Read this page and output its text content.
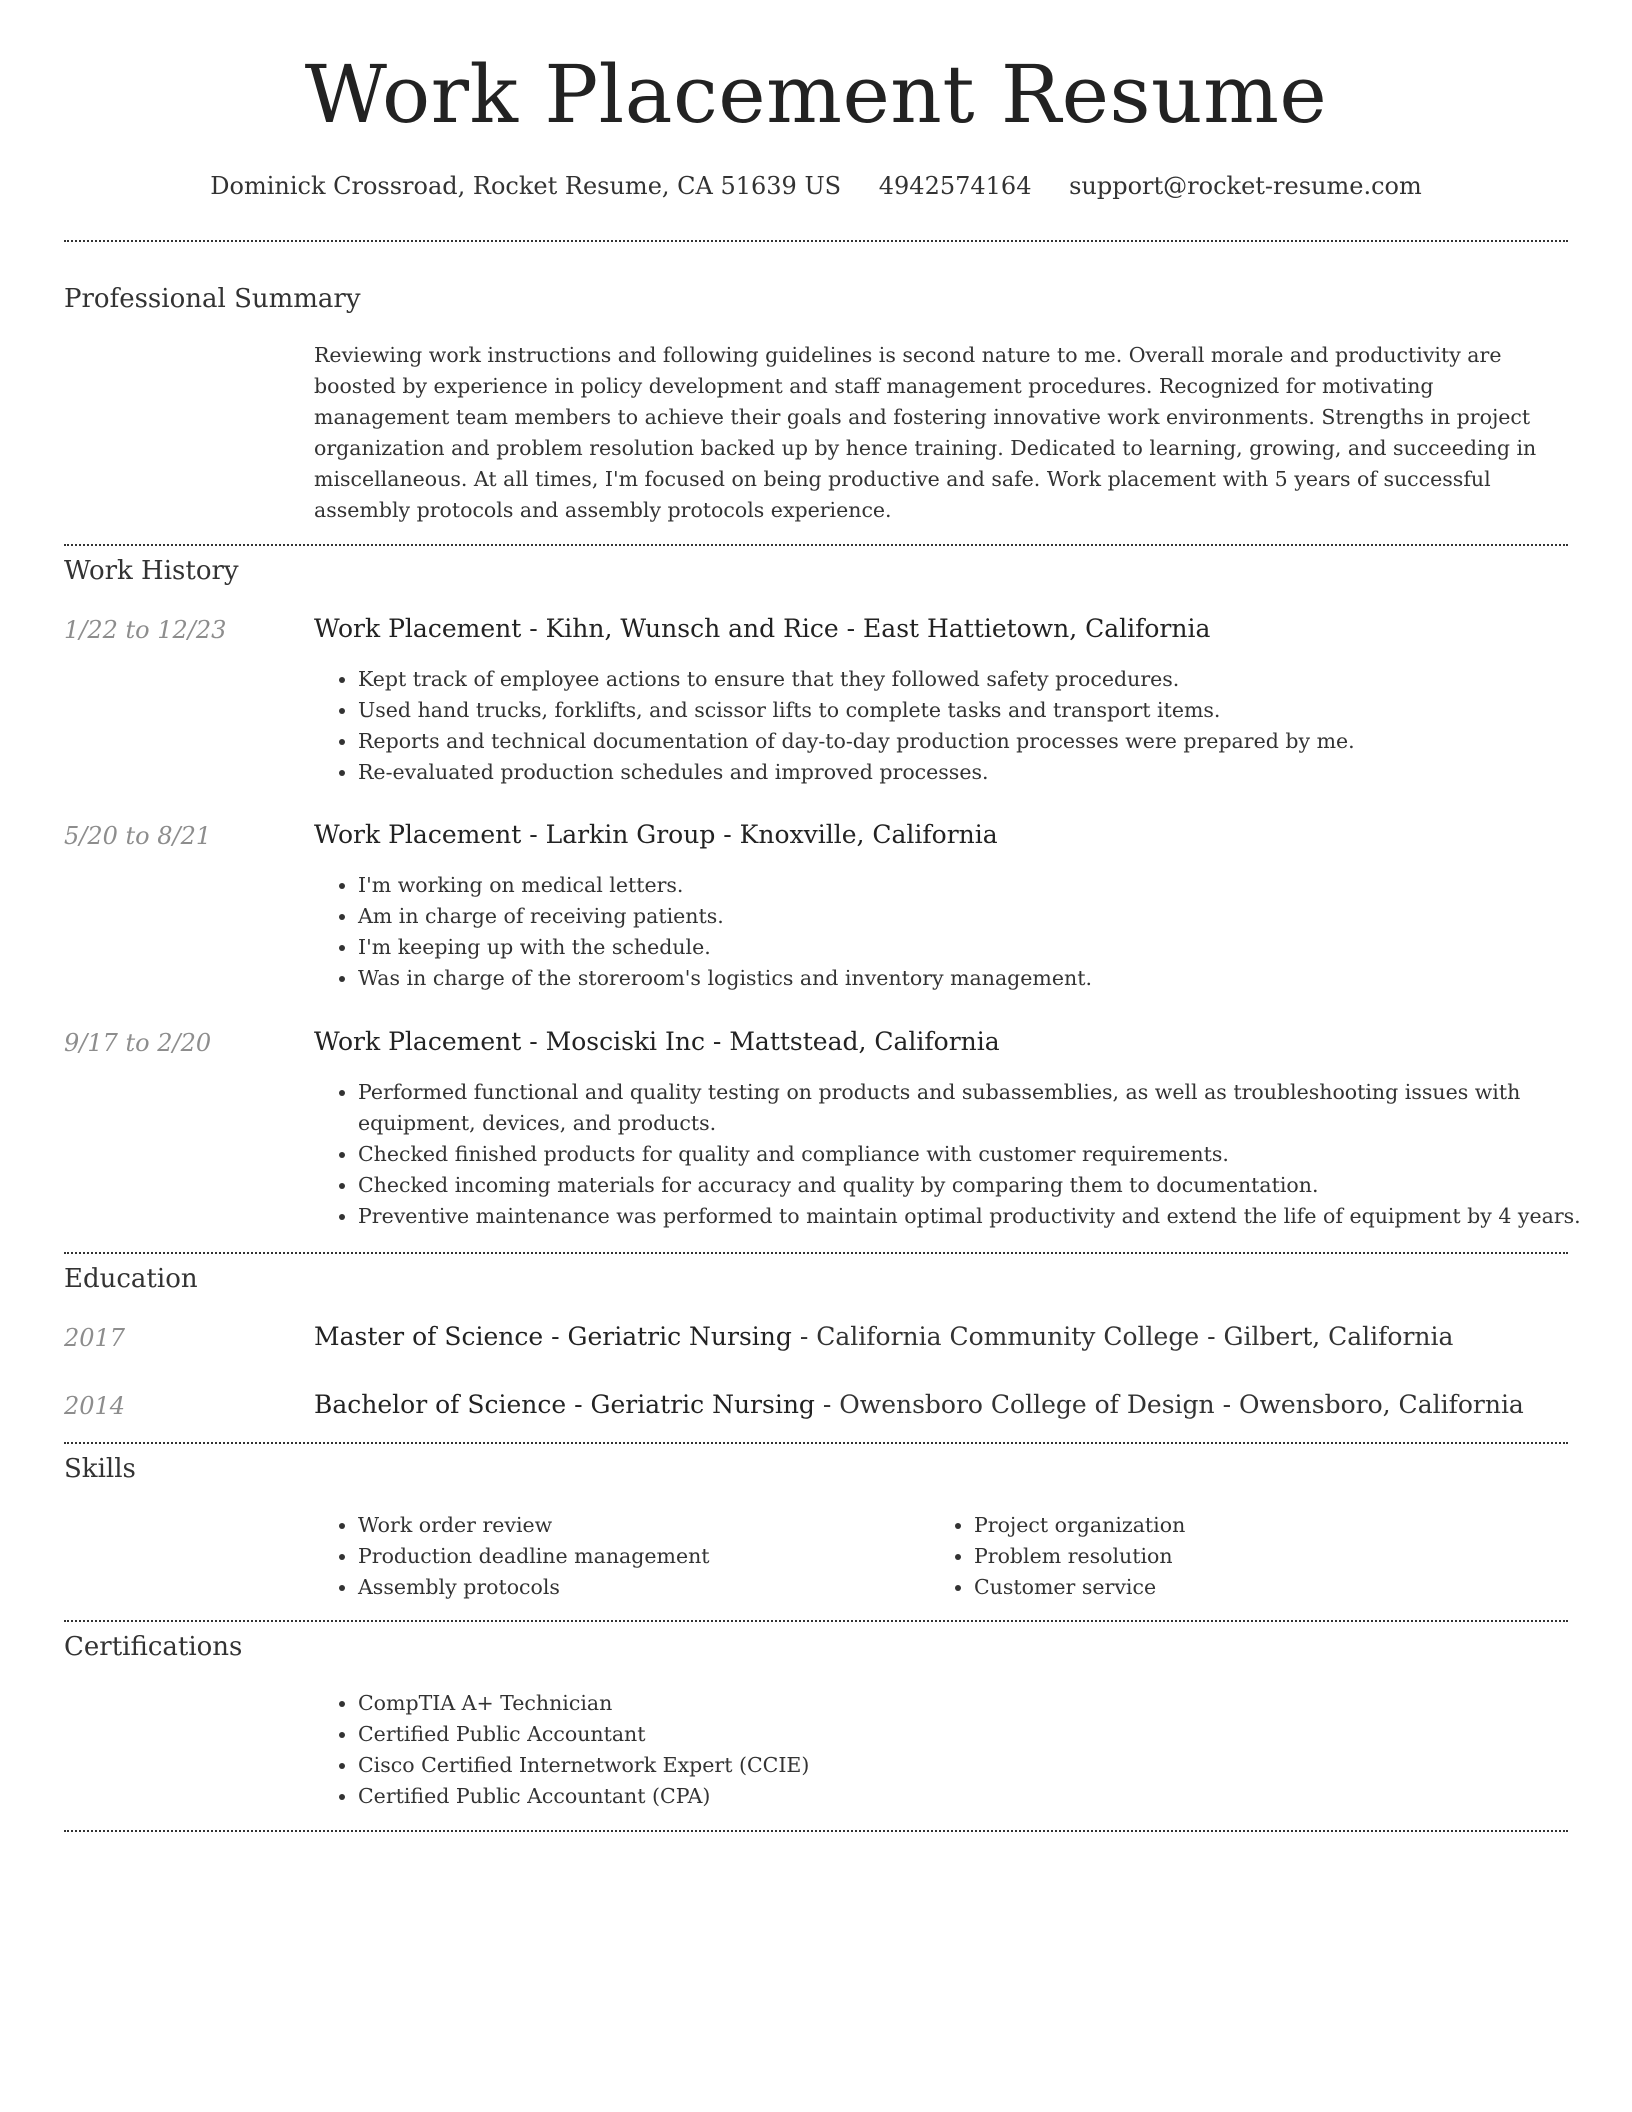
Work Placement Resume
Dominick Crossroad, Rocket Resume, CA 51639 US 4942574164 support@rocket-resume.com
Professional Summary

Reviewing work instructions and following guidelines is second nature to me. Overall morale and productivity are boosted by experience in policy development and staff management procedures. Recognized for motivating management team members to achieve their goals and fostering innovative work environments. Strengths in project organization and problem resolution backed up by hence training. Dedicated to learning, growing, and succeeding in miscellaneous. At all times, I'm focused on being productive and safe. Work placement with 5 years of successful assembly protocols and assembly protocols experience.

Work History
1/22 to 12/23	Work Placement - Kihn, Wunsch and Rice - East Hattietown, California
• Kept track of employee actions to ensure that they followed safety procedures.
• Used hand trucks, forklifts, and scissor lifts to complete tasks and transport items.
• Reports and technical documentation of day-to-day production processes were prepared by me.
• Re-evaluated production schedules and improved processes.
5/20 to 8/21	Work Placement - Larkin Group - Knoxville, California
• I'm working on medical letters.
• Am in charge of receiving patients.
• I'm keeping up with the schedule.
• Was in charge of the storeroom's logistics and inventory management.
9/17 to 2/20	Work Placement - Mosciski Inc - Mattstead, California
• Performed functional and quality testing on products and subassemblies, as well as troubleshooting issues with equipment, devices, and products.
• Checked finished products for quality and compliance with customer requirements.
• Checked incoming materials for accuracy and quality by comparing them to documentation.
• Preventive maintenance was performed to maintain optimal productivity and extend the life of equipment by 4 years.
Education
2017	Master of Science - Geriatric Nursing - California Community College - Gilbert, California
2014	Bachelor of Science - Geriatric Nursing - Owensboro College of Design - Owensboro, California
Skills
• Work order review
• Production deadline management
• Assembly protocols
• Project organization
• Problem resolution
• Customer service
Certifications
• CompTIA A+ Technician
• Certified Public Accountant
• Cisco Certified Internetwork Expert (CCIE)
• Certified Public Accountant (CPA)
